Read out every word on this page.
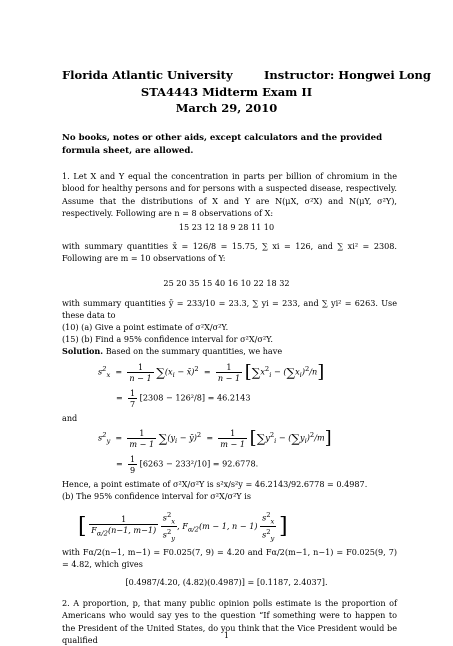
Florida Atlantic University	Instructor: Hongwei Long
STA4443 Midterm Exam II
March 29, 2010
No books, notes or other aids, except calculators and the provided formula sheet, are allowed.
1. Let X and Y equal the concentration in parts per billion of chromium in the blood for healthy persons and for persons with a suspected disease, respectively. Assume that the distributions of X and Y are N(μX, σ²X) and N(μY, σ²Y), respectively. Following are n = 8 observations of X:
15 23 12 18 9 28 11 10
with summary quantities x̄ = 126/8 = 15.75, ∑ xi = 126, and ∑ xi² = 2308. Following are m = 10 observations of Y:
25 20 35 15 40 16 10 22 18 32
with summary quantities ȳ = 233/10 = 23.3, ∑ yi = 233, and ∑ yi² = 6263. Use these data to
(10) (a) Give a point estimate of σ²X/σ²Y.
(15) (b) Find a 95% confidence interval for σ²X/σ²Y.
Solution. Based on the summary quantities, we have
$s^2_x = \frac{1}{n - 1} \sum(x_i$ − x̄)$^2$  = $\frac{1}{n - 1} [\sum x^2_i - (\sum x_i)^2/n]$
= $\frac{1}{7} [2308 - 126^2/8] = 46.2143$
and
$s^2_y = \frac{1}{m - 1} \sum(y_i$ − ȳ)$^2$  = $\frac{1}{m - 1} [\sum y^2_i - (\sum y_i)^2/m]$
= $\frac{1}{9} [6263 - 233^2/10] = 92.6778$.
Hence, a point estimate of σ²X/σ²Y is s²x/s²y = 46.2143/92.6778 = 0.4987.
(b) The 95% confidence interval for σ²X/σ²Y is
[ $\frac{1}{F_{\alpha/2}(n-1, m-1)}$
$\frac{s^2_x}{s^2_y}$ , $F_{\alpha/2}(m - 1$, $n - 1) \frac{s^2_x}{s^2_y}$ ]
with Fα/2(n−1, m−1) = F0.025(7, 9) = 4.20 and Fα/2(m−1, n−1) = F0.025(9, 7) = 4.82, which gives
[0.4987/4.20, (4.82)(0.4987)] = [0.1187, 2.4037].
2. A proportion, p, that many public opinion polls estimate is the proportion of Americans who would say yes to the question “If something were to happen to the President of the United States, do you think that the Vice President would be qualified	1
